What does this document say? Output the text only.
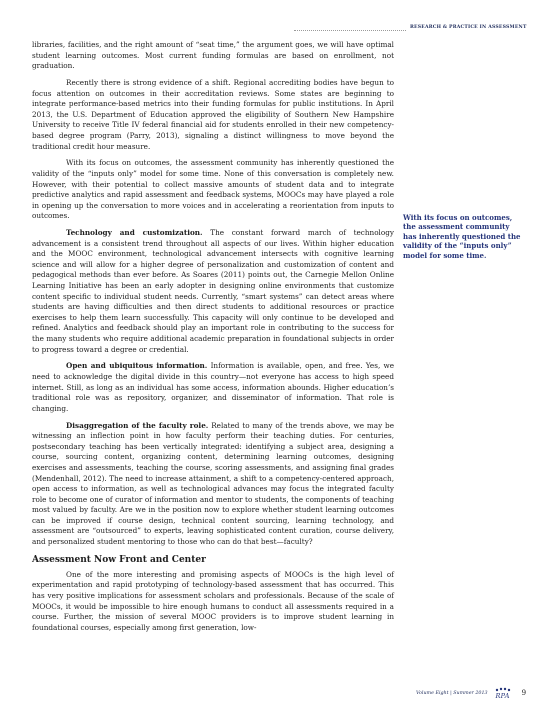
RESEARCH & PRACTICE IN ASSESSMENT

libraries, facilities, and the right amount of “seat time,” the argument goes, we will have optimal student learning outcomes. Most current funding formulas are based on enrollment, not graduation.

Recently there is strong evidence of a shift. Regional accrediting bodies have begun to focus attention on outcomes in their accreditation reviews. Some states are beginning to integrate performance-based metrics into their funding formulas for public institutions. In April 2013, the U.S. Department of Education approved the eligibility of Southern New Hampshire University to receive Title IV federal financial aid for students enrolled in their new competency-based degree program (Parry, 2013), signaling a distinct willingness to move beyond the traditional credit hour measure.

With its focus on outcomes, the assessment community has inherently questioned the validity of the “inputs only” model for some time. None of this conversation is completely new. However, with their potential to collect massive amounts of student data and to integrate predictive analytics and rapid assessment and feedback systems, MOOCs may have played a role in opening up the conversation to more voices and in accelerating a reorientation from inputs to outcomes.

Technology and customization. The constant forward march of technology advancement is a consistent trend throughout all aspects of our lives. Within higher education and the MOOC environment, technological advancement intersects with cognitive learning science and will allow for a higher degree of personalization and customization of content and pedagogical methods than ever before. As Soares (2011) points out, the Carnegie Mellon Online Learning Initiative has been an early adopter in designing online environments that customize content specific to individual student needs. Currently, “smart systems” can detect areas where students are having difficulties and then direct students to additional resources or practice exercises to help them learn successfully. This capacity will only continue to be developed and refined. Analytics and feedback should play an important role in contributing to the success for the many students who require additional academic preparation in foundational subjects in order to progress toward a degree or credential.

Open and ubiquitous information. Information is available, open, and free. Yes, we need to acknowledge the digital divide in this country—not everyone has access to high speed internet. Still, as long as an individual has some access, information abounds. Higher education’s traditional role was as repository, organizer, and disseminator of information. That role is changing.

Disaggregation of the faculty role. Related to many of the trends above, we may be witnessing an inflection point in how faculty perform their teaching duties. For centuries, postsecondary teaching has been vertically integrated: identifying a subject area, designing a course, sourcing content, organizing content, determining learning outcomes, designing exercises and assessments, teaching the course, scoring assessments, and assigning final grades (Mendenhall, 2012). The need to increase attainment, a shift to a competency-centered approach, open access to information, as well as technological advances may focus the integrated faculty role to become one of curator of information and mentor to students, the components of teaching most valued by faculty. Are we in the position now to explore whether student learning outcomes can be improved if course design, technical content sourcing, learning technology, and assessment are “outsourced” to experts, leaving sophisticated content curation, course delivery, and personalized student mentoring to those who can do that best—faculty?

Assessment Now Front and Center

One of the more interesting and promising aspects of MOOCs is the high level of experimentation and rapid prototyping of technology-based assessment that has occurred. This has very positive implications for assessment scholars and professionals. Because of the scale of MOOCs, it would be impossible to hire enough humans to conduct all assessments required in a course. Further, the mission of several MOOC providers is to improve student learning in foundational courses, especially among first generation, low-

With its focus on outcomes, the assessment community has inherently questioned the validity of the “inputs only” model for some time.
Volume Eight | Summer 2013 RPA 9
